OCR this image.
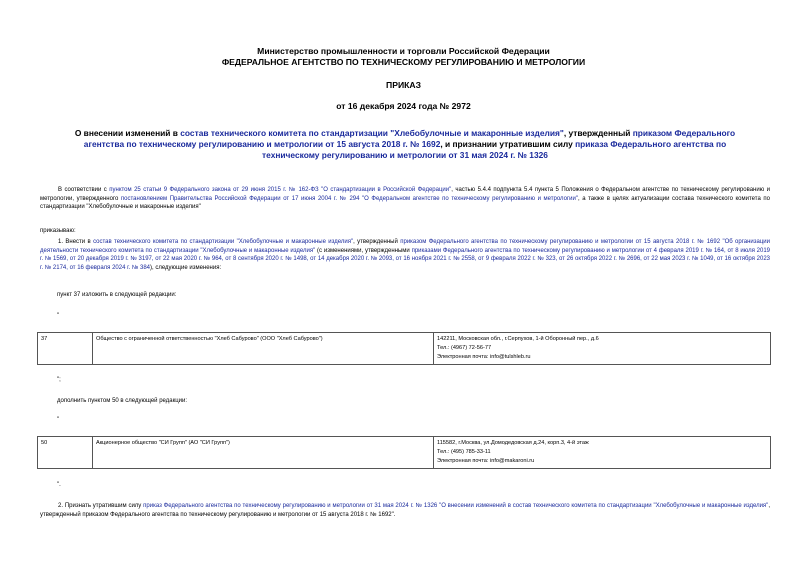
Министерство промышленности и торговли Российской Федерации
ФЕДЕРАЛЬНОЕ АГЕНТСТВО ПО ТЕХНИЧЕСКОМУ РЕГУЛИРОВАНИЮ И МЕТРОЛОГИИ
ПРИКАЗ
от 16 декабря 2024 года № 2972
О внесении изменений в состав технического комитета по стандартизации "Хлебобулочные и макаронные изделия", утвержденный приказом Федерального агентства по техническому регулированию и метрологии от 15 августа 2018 г. № 1692, и признании утратившим силу приказа Федерального агентства по техническому регулированию и метрологии от 31 мая 2024 г. № 1326
В соответствии с пунктом 25 статьи 9 Федерального закона от 29 июня 2015 г. № 162-ФЗ "О стандартизации в Российской Федерации", частью 5.4.4 подпункта 5.4 пункта 5 Положения о Федеральном агентстве по техническому регулированию и метрологии, утвержденного постановлением Правительства Российской Федерации от 17 июня 2004 г. № 294 "О Федеральном агентстве по техническому регулированию и метрологии", а также в целях актуализации состава технического комитета по стандартизации "Хлебобулочные и макаронные изделия"
приказываю:
1. Внести в состав технического комитета по стандартизации "Хлебобулочные и макаронные изделия", утвержденный приказом Федерального агентства по техническому регулированию и метрологии от 15 августа 2018 г. № 1692 "Об организации деятельности технического комитета по стандартизации "Хлебобулочные и макаронные изделия" (с изменениями, утвержденными приказами Федерального агентства по техническому регулированию и метрологии от 4 февраля 2019 г. № 164, от 8 июля 2019 г. № 1569, от 20 декабря 2019 г. № 3197, от 22 мая 2020 г. № 964, от 8 сентября 2020 г. № 1498, от 14 декабря 2020 г. № 2093, от 16 ноября 2021 г. № 2558, от 9 февраля 2022 г. № 323, от 26 октября 2022 г. № 2696, от 22 мая 2023 г. № 1049, от 16 октября 2023 г. № 2174, от 16 февраля 2024 г. № 384), следующие изменения:
пункт 37 изложить в следующей редакции:
"
37	Общество с ограниченной ответственностью "Хлеб Сабурово" (ООО "Хлеб Сабурово")	142211, Московская обл., г.Серпухов, 1-й Оборонный пер., д.6
Тел.: (4967) 72-56-77
Электронная почта: info@tulshleb.ru
";
дополнить пунктом 50 в следующей редакции:
"
50	Акционерное общество "СИ Групп" (АО "СИ Групп")	115582, г.Москва, ул.Домодедовская д.24, корп.3, 4-й этаж
Тел.: (495) 785-33-11
Электронная почта: info@makaroni.ru
".
2. Признать утратившим силу приказ Федерального агентства по техническому регулированию и метрологии от 31 мая 2024 г. № 1326 "О внесении изменений в состав технического комитета по стандартизации "Хлебобулочные и макаронные изделия", утвержденный приказом Федерального агентства по техническому регулированию и метрологии от 15 августа 2018 г. № 1692".
